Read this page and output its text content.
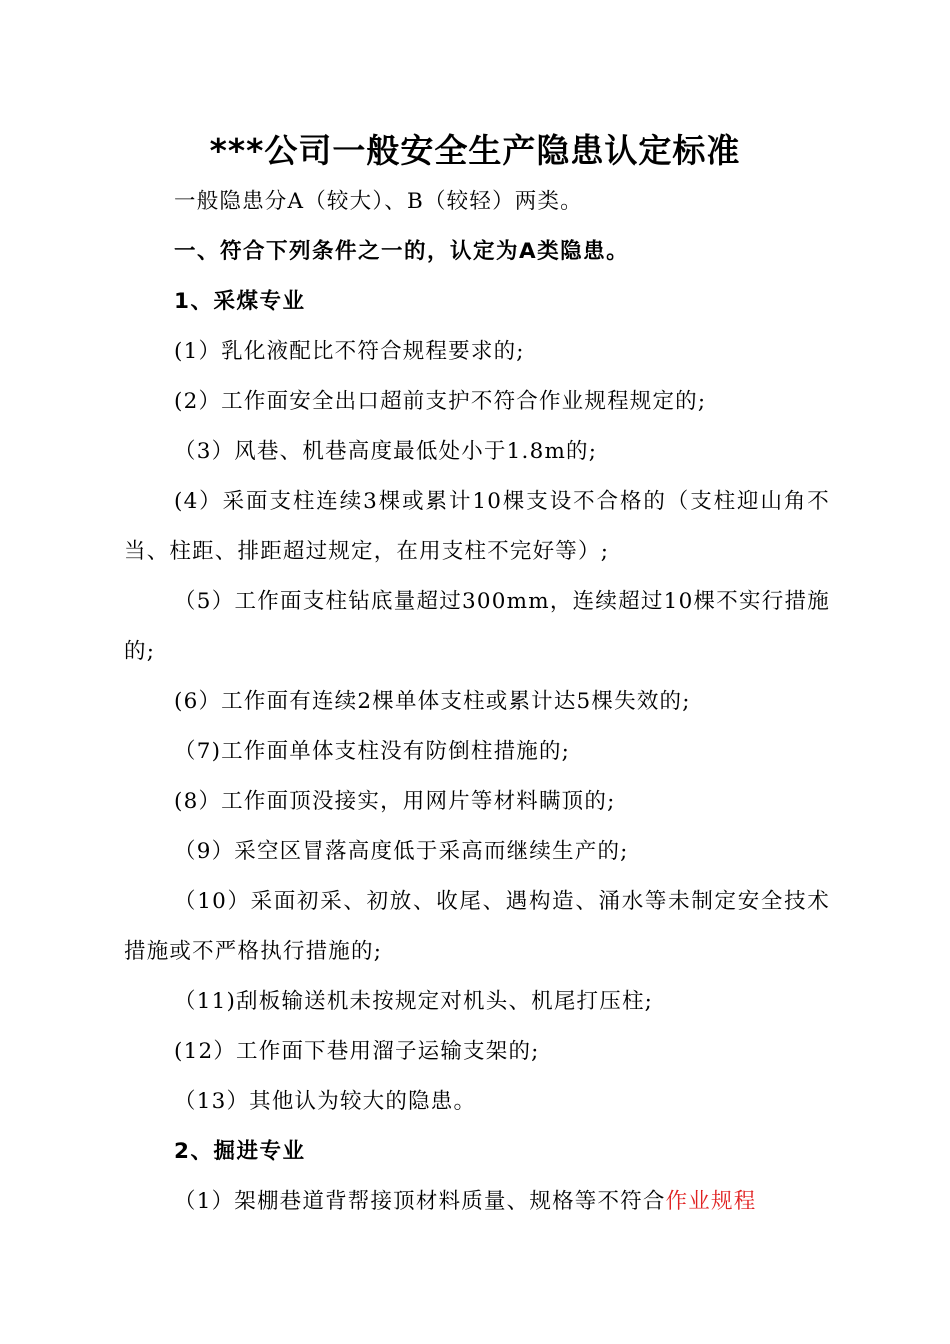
***公司一般安全生产隐患认定标准

一般隐患分A（较大）、B（较轻）两类。

一、符合下列条件之一的，认定为A类隐患。

1、采煤专业

(1）乳化液配比不符合规程要求的;

(2）工作面安全出口超前支护不符合作业规程规定的;

（3）风巷、机巷高度最低处小于1.8m的;

(4）采面支柱连续3棵或累计10棵支设不合格的（支柱迎山角不当、柱距、排距超过规定，在用支柱不完好等）;

（5）工作面支柱钻底量超过300mm，连续超过10棵不实行措施的;

(6）工作面有连续2棵单体支柱或累计达5棵失效的;

（7)工作面单体支柱没有防倒柱措施的;

(8）工作面顶没接实，用网片等材料瞒顶的;

（9）采空区冒落高度低于采高而继续生产的;

（10）采面初采、初放、收尾、遇构造、涌水等未制定安全技术措施或不严格执行措施的;

（11)刮板输送机未按规定对机头、机尾打压柱;

(12）工作面下巷用溜子运输支架的;

（13）其他认为较大的隐患。

2、掘进专业

（1）架棚巷道背帮接顶材料质量、规格等不符合作业规程
